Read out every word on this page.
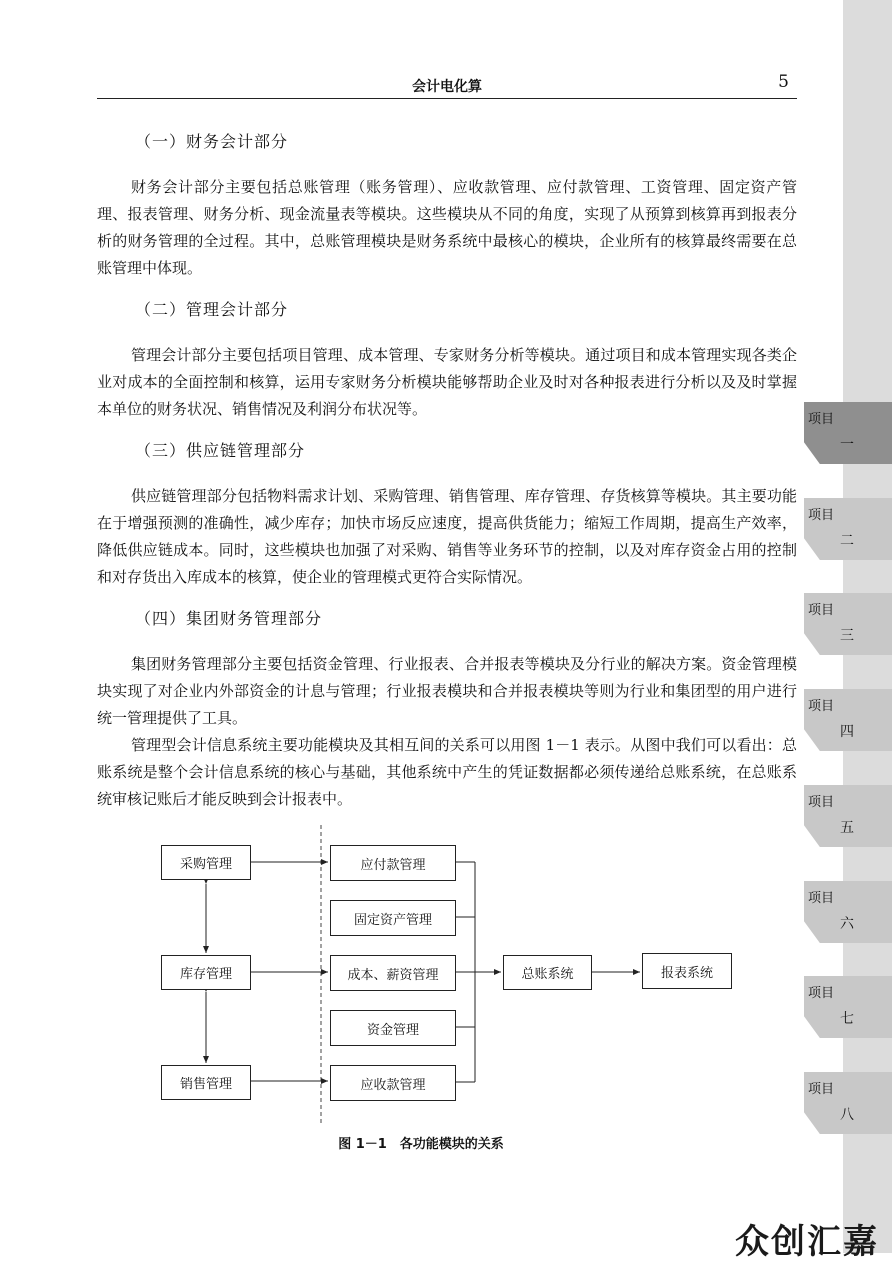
会计电化算	5
（一）财务会计部分

财务会计部分主要包括总账管理（账务管理）、应收款管理、应付款管理、工资管理、固定资产管理、报表管理、财务分析、现金流量表等模块。这些模块从不同的角度，实现了从预算到核算再到报表分析的财务管理的全过程。其中，总账管理模块是财务系统中最核心的模块，企业所有的核算最终需要在总账管理中体现。

（二）管理会计部分

管理会计部分主要包括项目管理、成本管理、专家财务分析等模块。通过项目和成本管理实现各类企业对成本的全面控制和核算，运用专家财务分析模块能够帮助企业及时对各种报表进行分析以及及时掌握本单位的财务状况、销售情况及利润分布状况等。

（三）供应链管理部分

供应链管理部分包括物料需求计划、采购管理、销售管理、库存管理、存货核算等模块。其主要功能在于增强预测的准确性，减少库存；加快市场反应速度，提高供货能力；缩短工作周期，提高生产效率，降低供应链成本。同时，这些模块也加强了对采购、销售等业务环节的控制，以及对库存资金占用的控制和对存货出入库成本的核算，使企业的管理模式更符合实际情况。

（四）集团财务管理部分

集团财务管理部分主要包括资金管理、行业报表、合并报表等模块及分行业的解决方案。资金管理模块实现了对企业内外部资金的计息与管理；行业报表模块和合并报表模块等则为行业和集团型的用户进行统一管理提供了工具。

管理型会计信息系统主要功能模块及其相互间的关系可以用图 1－1 表示。从图中我们可以看出：总账系统是整个会计信息系统的核心与基础，其他系统中产生的凭证数据都必须传递给总账系统，在总账系统审核记账后才能反映到会计报表中。

采购管理
库存管理
销售管理
应付款管理
固定资产管理
成本、薪资管理
资金管理
应收款管理
总账系统	报表系统
图 1－1　各功能模块的关系
项目
一
项目
二
项目
三
项目
四
项目
五
项目
六
项目
七
项目
八
众创汇嘉
